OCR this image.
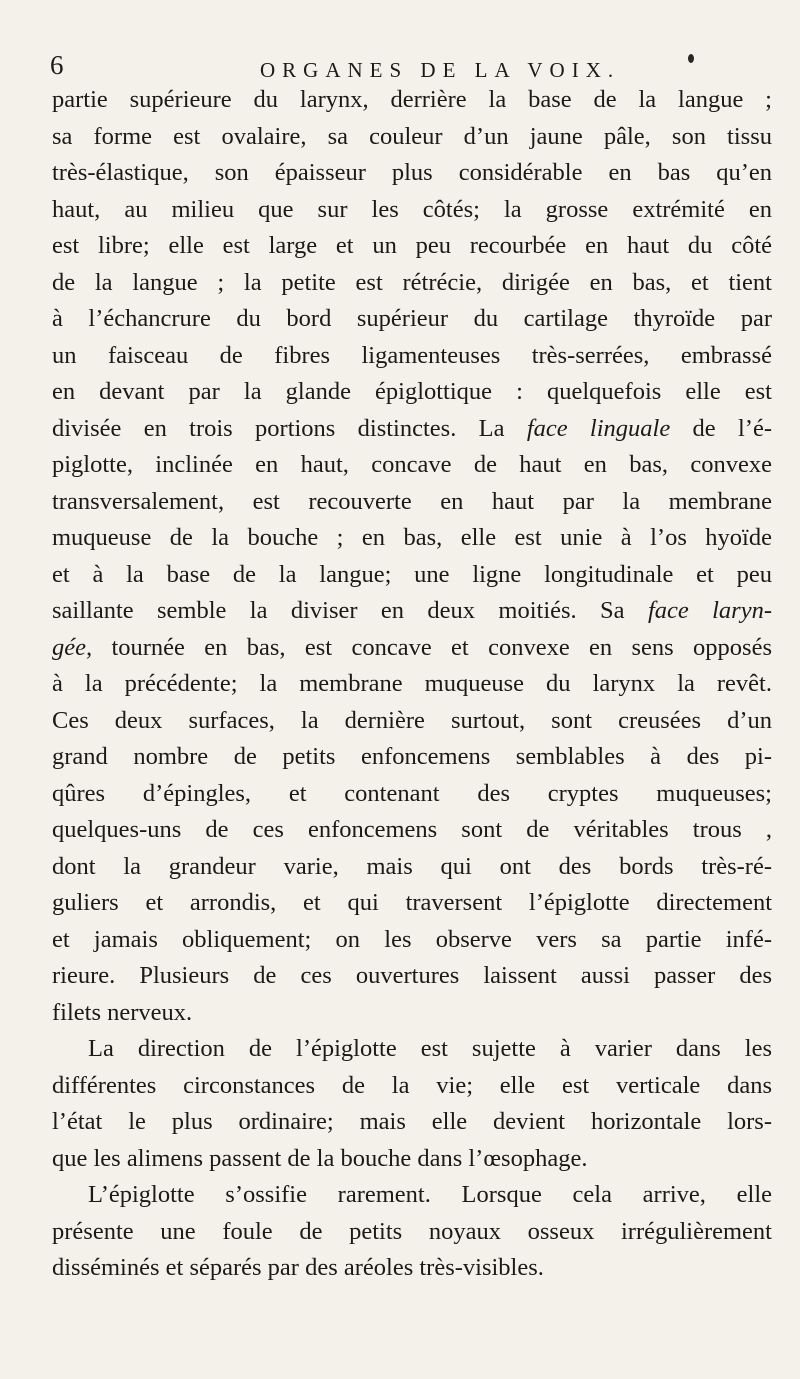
6	ORGANES DE LA VOIX.
partie supérieure du larynx, derrière la base de la langue ;
sa forme est ovalaire, sa couleur d’un jaune pâle, son tissu
très-élastique, son épaisseur plus considérable en bas qu’en
haut, au milieu que sur les côtés; la grosse extrémité en
est libre; elle est large et un peu recourbée en haut du côté
de la langue ; la petite est rétrécie, dirigée en bas, et tient
à l’échancrure du bord supérieur du cartilage thyroïde par
un faisceau de fibres ligamenteuses très-serrées, embrassé
en devant par la glande épiglottique : quelquefois elle est
divisée en trois portions distinctes. La face linguale de l’é-
piglotte, inclinée en haut, concave de haut en bas, convexe
transversalement, est recouverte en haut par la membrane
muqueuse de la bouche ; en bas, elle est unie à l’os hyoïde
et à la base de la langue; une ligne longitudinale et peu
saillante semble la diviser en deux moitiés. Sa face laryn-
gée, tournée en bas, est concave et convexe en sens opposés
à la précédente; la membrane muqueuse du larynx la revêt.
Ces deux surfaces, la dernière surtout, sont creusées d’un
grand nombre de petits enfoncemens semblables à des pi-
qûres d’épingles, et contenant des cryptes muqueuses;
quelques-uns de ces enfoncemens sont de véritables trous ,
dont la grandeur varie, mais qui ont des bords très-ré-
guliers et arrondis, et qui traversent l’épiglotte directement
et jamais obliquement; on les observe vers sa partie infé-
rieure. Plusieurs de ces ouvertures laissent aussi passer des
filets nerveux.
La direction de l’épiglotte est sujette à varier dans les
différentes circonstances de la vie; elle est verticale dans
l’état le plus ordinaire; mais elle devient horizontale lors-
que les alimens passent de la bouche dans l’œsophage.
L’épiglotte s’ossifie rarement. Lorsque cela arrive, elle
présente une foule de petits noyaux osseux irrégulièrement
disséminés et séparés par des aréoles très-visibles.
